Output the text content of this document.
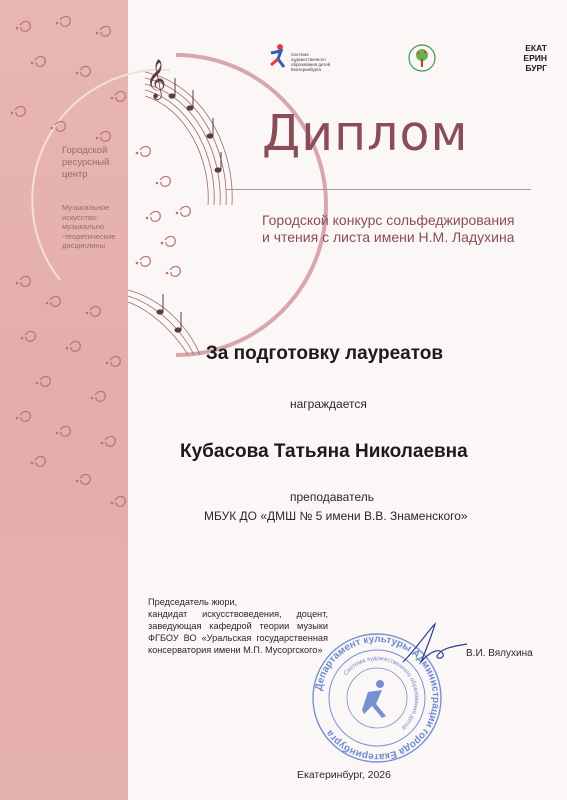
𝄞
Городской
ресурсный
центр
Музыкальное
искусство:
музыкально
-теоретические
дисциплины
Система
художественного
образования детей
Екатеринбурга
ЕКАТ
ЕРИН
БУРГ
Диплом
Городской конкурс сольфеджирования
и чтения с листа имени Н.М. Ладухина
За подготовку лауреатов
награждается
Кубасова Татьяна Николаевна
преподаватель
МБУК ДО «ДМШ № 5 имени В.В. Знаменского»
Председатель жюри,
кандидат искусствоведения, доцент,
заведующая кафедрой теории музыки
ФГБОУ ВО «Уральская государственная
консерватория имени М.П. Мусоргского»
Департамент культуры Администрации города Екатеринбурга
Система художественного образования детей
В.И. Вялухина
Екатеринбург, 2026
